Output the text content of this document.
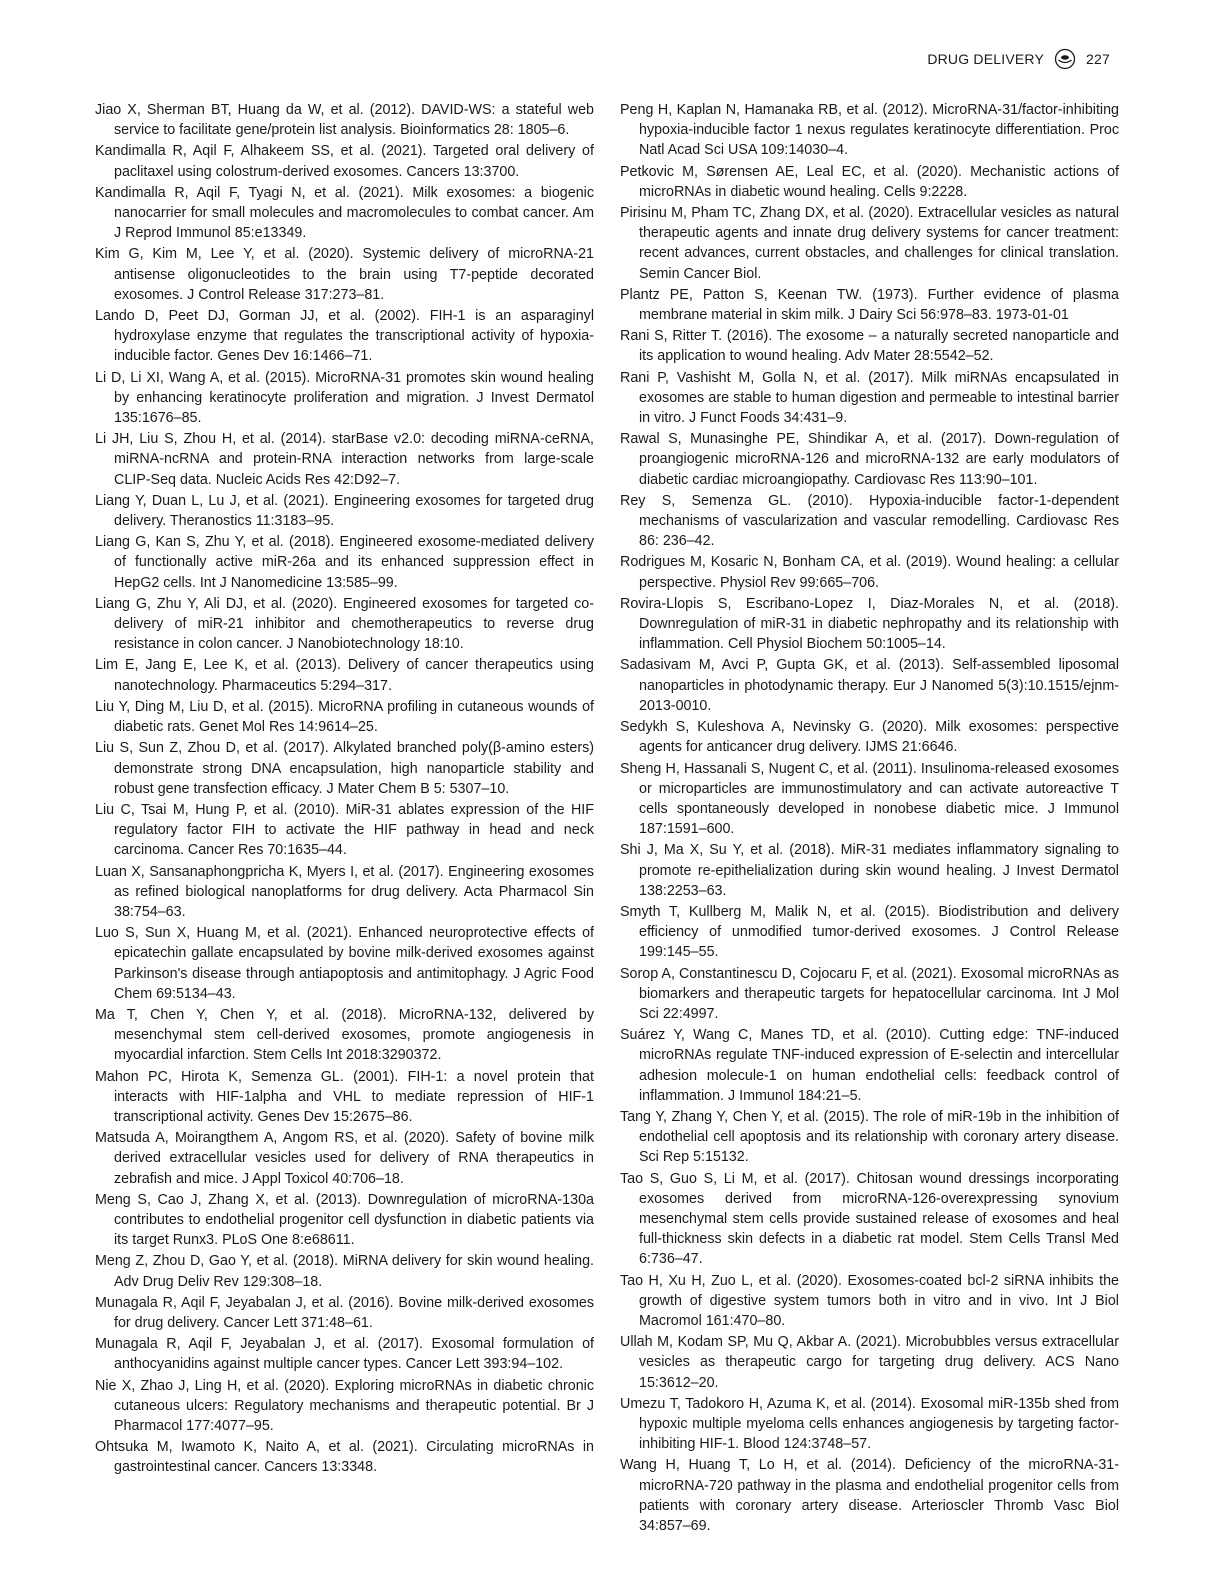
DRUG DELIVERY	227

Jiao X, Sherman BT, Huang da W, et al. (2012). DAVID-WS: a stateful web service to facilitate gene/protein list analysis. Bioinformatics 28: 1805–6.

Kandimalla R, Aqil F, Alhakeem SS, et al. (2021). Targeted oral delivery of paclitaxel using colostrum-derived exosomes. Cancers 13:3700.

Kandimalla R, Aqil F, Tyagi N, et al. (2021). Milk exosomes: a biogenic nanocarrier for small molecules and macromolecules to combat cancer. Am J Reprod Immunol 85:e13349.

Kim G, Kim M, Lee Y, et al. (2020). Systemic delivery of microRNA-21 antisense oligonucleotides to the brain using T7-peptide decorated exosomes. J Control Release 317:273–81.

Lando D, Peet DJ, Gorman JJ, et al. (2002). FIH-1 is an asparaginyl hydroxylase enzyme that regulates the transcriptional activity of hypoxia-inducible factor. Genes Dev 16:1466–71.

Li D, Li XI, Wang A, et al. (2015). MicroRNA-31 promotes skin wound healing by enhancing keratinocyte proliferation and migration. J Invest Dermatol 135:1676–85.

Li JH, Liu S, Zhou H, et al. (2014). starBase v2.0: decoding miRNA-ceRNA, miRNA-ncRNA and protein-RNA interaction networks from large-scale CLIP-Seq data. Nucleic Acids Res 42:D92–7.

Liang Y, Duan L, Lu J, et al. (2021). Engineering exosomes for targeted drug delivery. Theranostics 11:3183–95.

Liang G, Kan S, Zhu Y, et al. (2018). Engineered exosome-mediated delivery of functionally active miR-26a and its enhanced suppression effect in HepG2 cells. Int J Nanomedicine 13:585–99.

Liang G, Zhu Y, Ali DJ, et al. (2020). Engineered exosomes for targeted co-delivery of miR-21 inhibitor and chemotherapeutics to reverse drug resistance in colon cancer. J Nanobiotechnology 18:10.

Lim E, Jang E, Lee K, et al. (2013). Delivery of cancer therapeutics using nanotechnology. Pharmaceutics 5:294–317.

Liu Y, Ding M, Liu D, et al. (2015). MicroRNA profiling in cutaneous wounds of diabetic rats. Genet Mol Res 14:9614–25.

Liu S, Sun Z, Zhou D, et al. (2017). Alkylated branched poly(β-amino esters) demonstrate strong DNA encapsulation, high nanoparticle stability and robust gene transfection efficacy. J Mater Chem B 5: 5307–10.

Liu C, Tsai M, Hung P, et al. (2010). MiR-31 ablates expression of the HIF regulatory factor FIH to activate the HIF pathway in head and neck carcinoma. Cancer Res 70:1635–44.

Luan X, Sansanaphongpricha K, Myers I, et al. (2017). Engineering exosomes as refined biological nanoplatforms for drug delivery. Acta Pharmacol Sin 38:754–63.

Luo S, Sun X, Huang M, et al. (2021). Enhanced neuroprotective effects of epicatechin gallate encapsulated by bovine milk-derived exosomes against Parkinson's disease through antiapoptosis and antimitophagy. J Agric Food Chem 69:5134–43.

Ma T, Chen Y, Chen Y, et al. (2018). MicroRNA-132, delivered by mesenchymal stem cell-derived exosomes, promote angiogenesis in myocardial infarction. Stem Cells Int 2018:3290372.

Mahon PC, Hirota K, Semenza GL. (2001). FIH-1: a novel protein that interacts with HIF-1alpha and VHL to mediate repression of HIF-1 transcriptional activity. Genes Dev 15:2675–86.

Matsuda A, Moirangthem A, Angom RS, et al. (2020). Safety of bovine milk derived extracellular vesicles used for delivery of RNA therapeutics in zebrafish and mice. J Appl Toxicol 40:706–18.

Meng S, Cao J, Zhang X, et al. (2013). Downregulation of microRNA-130a contributes to endothelial progenitor cell dysfunction in diabetic patients via its target Runx3. PLoS One 8:e68611.

Meng Z, Zhou D, Gao Y, et al. (2018). MiRNA delivery for skin wound healing. Adv Drug Deliv Rev 129:308–18.

Munagala R, Aqil F, Jeyabalan J, et al. (2016). Bovine milk-derived exosomes for drug delivery. Cancer Lett 371:48–61.

Munagala R, Aqil F, Jeyabalan J, et al. (2017). Exosomal formulation of anthocyanidins against multiple cancer types. Cancer Lett 393:94–102.

Nie X, Zhao J, Ling H, et al. (2020). Exploring microRNAs in diabetic chronic cutaneous ulcers: Regulatory mechanisms and therapeutic potential. Br J Pharmacol 177:4077–95.

Ohtsuka M, Iwamoto K, Naito A, et al. (2021). Circulating microRNAs in gastrointestinal cancer. Cancers 13:3348.

Peng H, Kaplan N, Hamanaka RB, et al. (2012). MicroRNA-31/factor-inhibiting hypoxia-inducible factor 1 nexus regulates keratinocyte differentiation. Proc Natl Acad Sci USA 109:14030–4.

Petkovic M, Sørensen AE, Leal EC, et al. (2020). Mechanistic actions of microRNAs in diabetic wound healing. Cells 9:2228.

Pirisinu M, Pham TC, Zhang DX, et al. (2020). Extracellular vesicles as natural therapeutic agents and innate drug delivery systems for cancer treatment: recent advances, current obstacles, and challenges for clinical translation. Semin Cancer Biol.

Plantz PE, Patton S, Keenan TW. (1973). Further evidence of plasma membrane material in skim milk. J Dairy Sci 56:978–83. 1973-01-01

Rani S, Ritter T. (2016). The exosome – a naturally secreted nanoparticle and its application to wound healing. Adv Mater 28:5542–52.

Rani P, Vashisht M, Golla N, et al. (2017). Milk miRNAs encapsulated in exosomes are stable to human digestion and permeable to intestinal barrier in vitro. J Funct Foods 34:431–9.

Rawal S, Munasinghe PE, Shindikar A, et al. (2017). Down-regulation of proangiogenic microRNA-126 and microRNA-132 are early modulators of diabetic cardiac microangiopathy. Cardiovasc Res 113:90–101.

Rey S, Semenza GL. (2010). Hypoxia-inducible factor-1-dependent mechanisms of vascularization and vascular remodelling. Cardiovasc Res 86: 236–42.

Rodrigues M, Kosaric N, Bonham CA, et al. (2019). Wound healing: a cellular perspective. Physiol Rev 99:665–706.

Rovira-Llopis S, Escribano-Lopez I, Diaz-Morales N, et al. (2018). Downregulation of miR-31 in diabetic nephropathy and its relationship with inflammation. Cell Physiol Biochem 50:1005–14.

Sadasivam M, Avci P, Gupta GK, et al. (2013). Self-assembled liposomal nanoparticles in photodynamic therapy. Eur J Nanomed 5(3):10.1515/ejnm-2013-0010.

Sedykh S, Kuleshova A, Nevinsky G. (2020). Milk exosomes: perspective agents for anticancer drug delivery. IJMS 21:6646.

Sheng H, Hassanali S, Nugent C, et al. (2011). Insulinoma-released exosomes or microparticles are immunostimulatory and can activate autoreactive T cells spontaneously developed in nonobese diabetic mice. J Immunol 187:1591–600.

Shi J, Ma X, Su Y, et al. (2018). MiR-31 mediates inflammatory signaling to promote re-epithelialization during skin wound healing. J Invest Dermatol 138:2253–63.

Smyth T, Kullberg M, Malik N, et al. (2015). Biodistribution and delivery efficiency of unmodified tumor-derived exosomes. J Control Release 199:145–55.

Sorop A, Constantinescu D, Cojocaru F, et al. (2021). Exosomal microRNAs as biomarkers and therapeutic targets for hepatocellular carcinoma. Int J Mol Sci 22:4997.

Suárez Y, Wang C, Manes TD, et al. (2010). Cutting edge: TNF-induced microRNAs regulate TNF-induced expression of E-selectin and intercellular adhesion molecule-1 on human endothelial cells: feedback control of inflammation. J Immunol 184:21–5.

Tang Y, Zhang Y, Chen Y, et al. (2015). The role of miR-19b in the inhibition of endothelial cell apoptosis and its relationship with coronary artery disease. Sci Rep 5:15132.

Tao S, Guo S, Li M, et al. (2017). Chitosan wound dressings incorporating exosomes derived from microRNA-126-overexpressing synovium mesenchymal stem cells provide sustained release of exosomes and heal full-thickness skin defects in a diabetic rat model. Stem Cells Transl Med 6:736–47.

Tao H, Xu H, Zuo L, et al. (2020). Exosomes-coated bcl-2 siRNA inhibits the growth of digestive system tumors both in vitro and in vivo. Int J Biol Macromol 161:470–80.

Ullah M, Kodam SP, Mu Q, Akbar A. (2021). Microbubbles versus extracellular vesicles as therapeutic cargo for targeting drug delivery. ACS Nano 15:3612–20.

Umezu T, Tadokoro H, Azuma K, et al. (2014). Exosomal miR-135b shed from hypoxic multiple myeloma cells enhances angiogenesis by targeting factor-inhibiting HIF-1. Blood 124:3748–57.

Wang H, Huang T, Lo H, et al. (2014). Deficiency of the microRNA-31-microRNA-720 pathway in the plasma and endothelial progenitor cells from patients with coronary artery disease. Arterioscler Thromb Vasc Biol 34:857–69.
